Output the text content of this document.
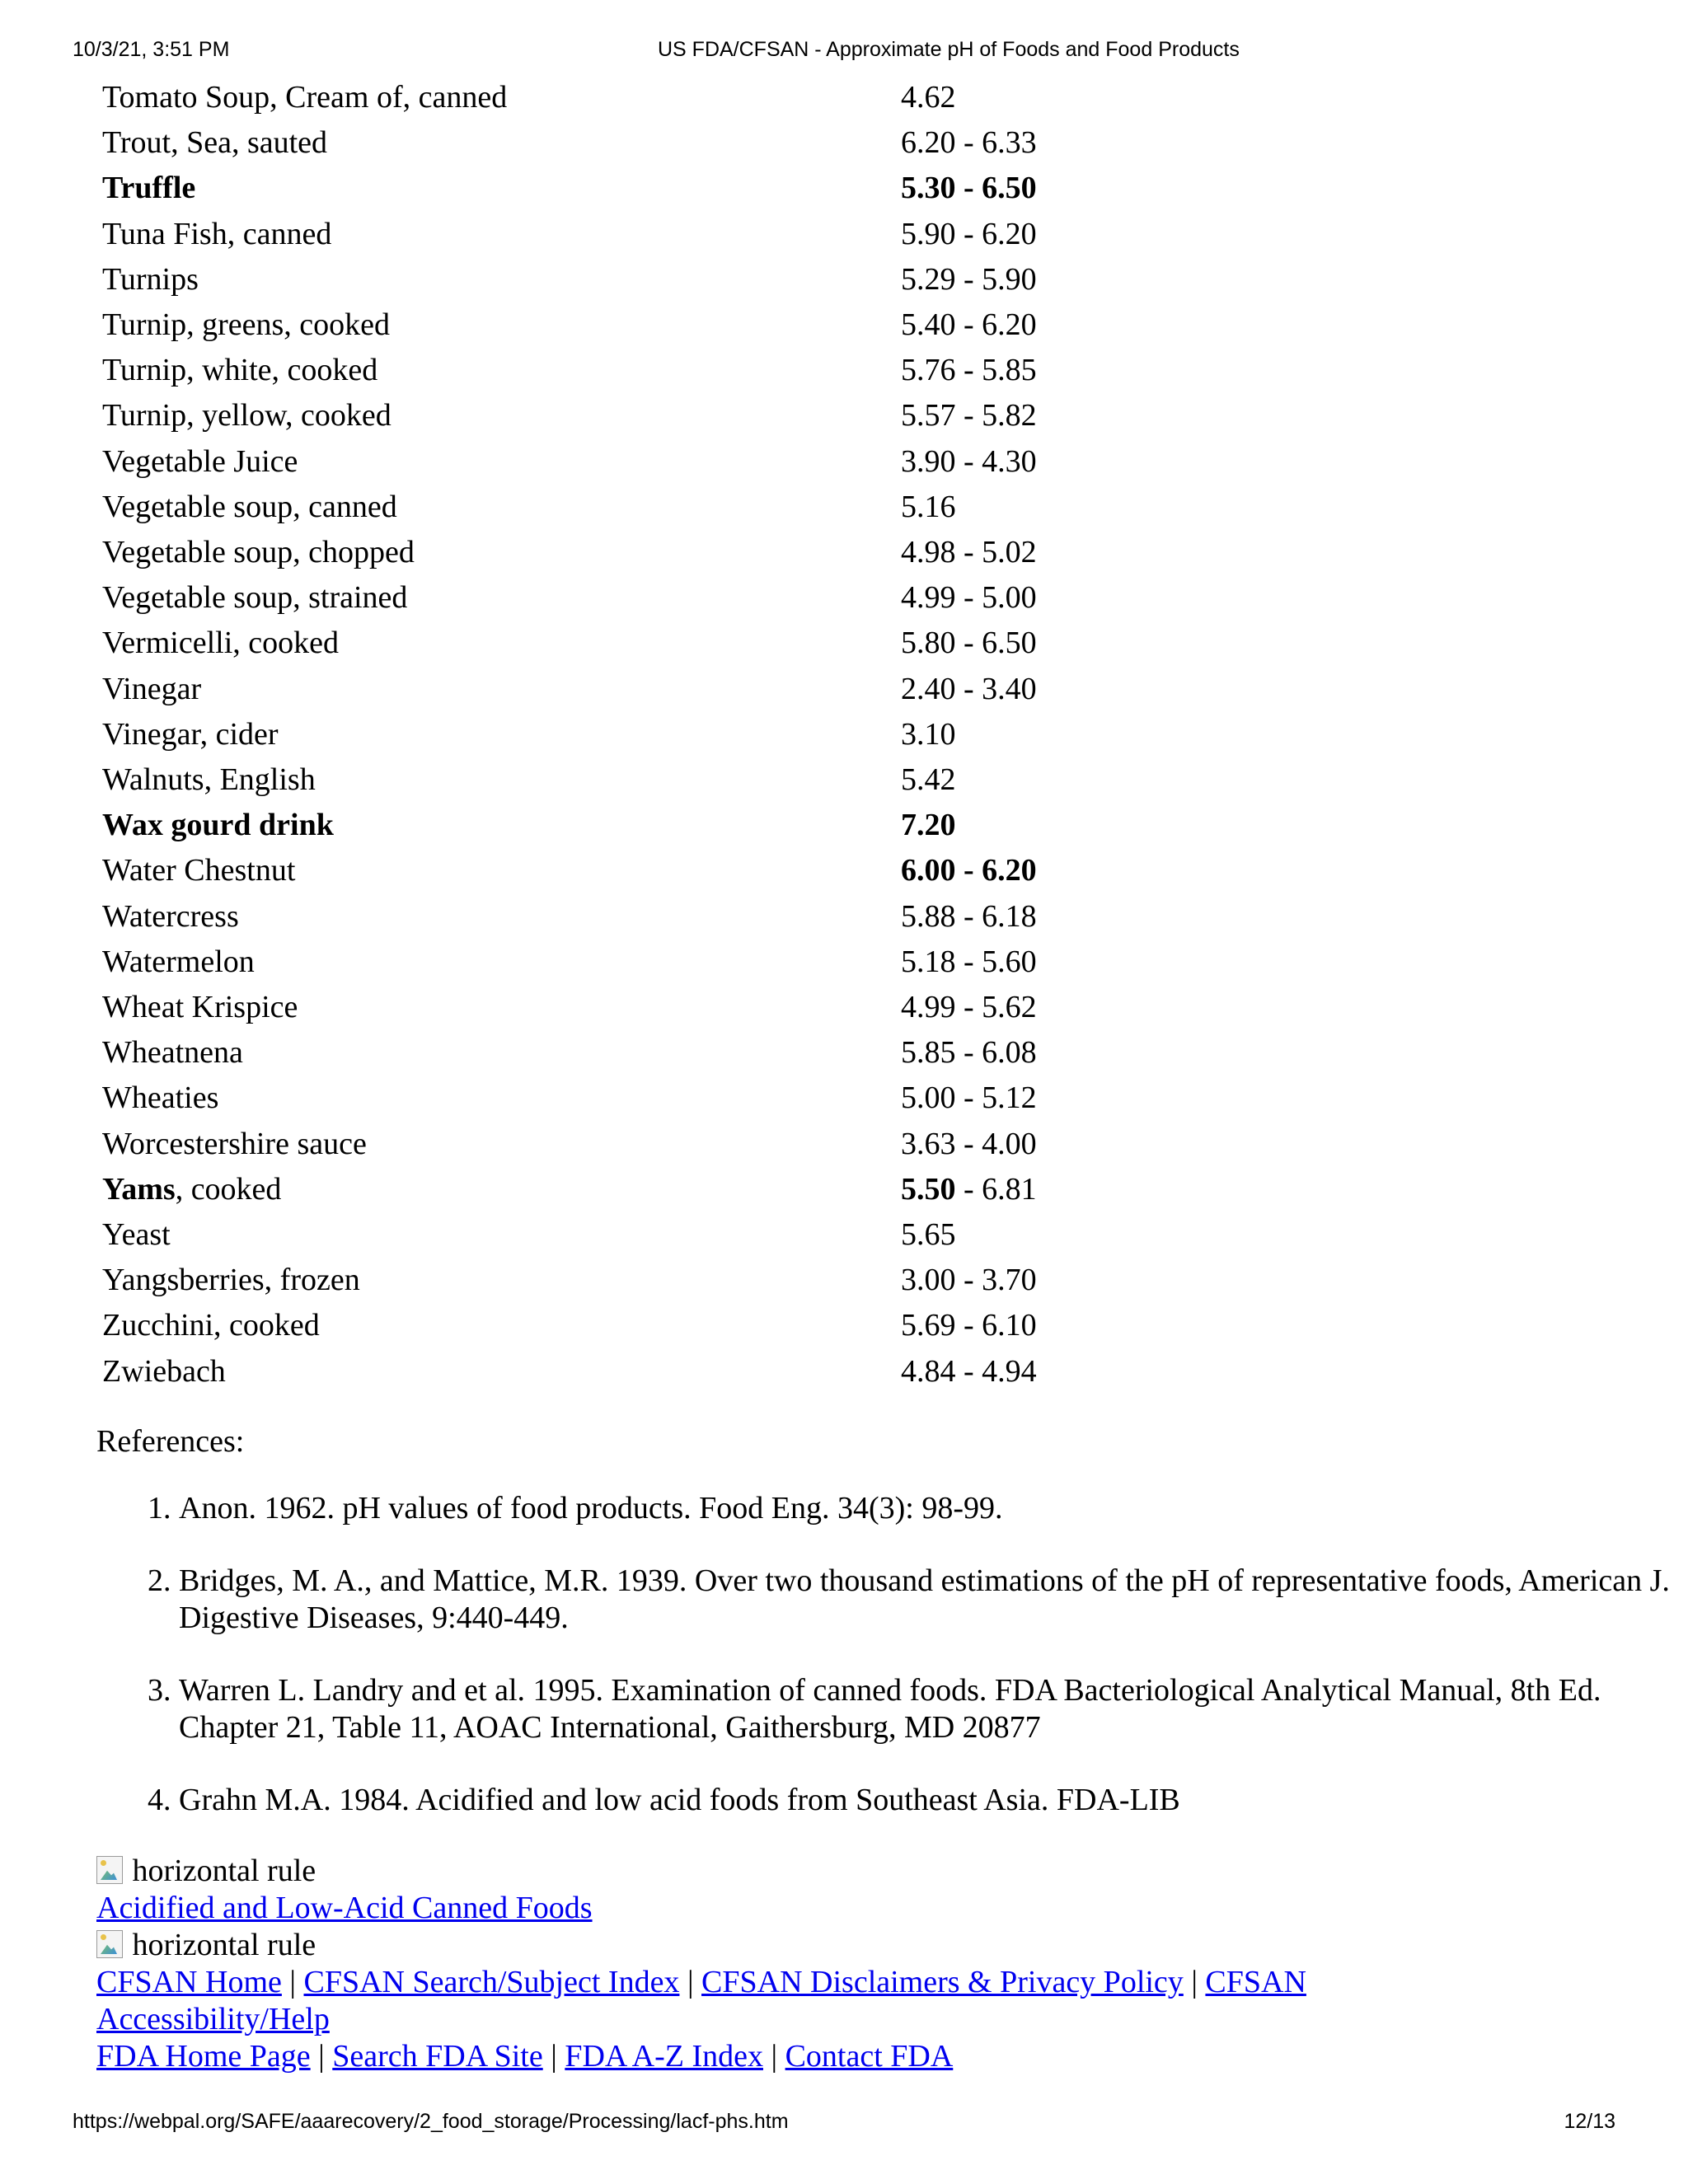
10/3/21, 3:51 PM	US FDA/CFSAN - Approximate pH of Foods and Food Products
Tomato Soup, Cream of, canned	4.62
Trout, Sea, sauted	6.20 - 6.33
Truffle	5.30 - 6.50
Tuna Fish, canned	5.90 - 6.20
Turnips	5.29 - 5.90
Turnip, greens, cooked	5.40 - 6.20
Turnip, white, cooked	5.76 - 5.85
Turnip, yellow, cooked	5.57 - 5.82
Vegetable Juice	3.90 - 4.30
Vegetable soup, canned	5.16
Vegetable soup, chopped	4.98 - 5.02
Vegetable soup, strained	4.99 - 5.00
Vermicelli, cooked	5.80 - 6.50
Vinegar	2.40 - 3.40
Vinegar, cider	3.10
Walnuts, English	5.42
Wax gourd drink	7.20
Water Chestnut	6.00 - 6.20
Watercress	5.88 - 6.18
Watermelon	5.18 - 5.60
Wheat Krispice	4.99 - 5.62
Wheatnena	5.85 - 6.08
Wheaties	5.00 - 5.12
Worcestershire sauce	3.63 - 4.00
Yams, cooked	5.50 - 6.81
Yeast	5.65
Yangsberries, frozen	3.00 - 3.70
Zucchini, cooked	5.69 - 6.10
Zwiebach	4.84 - 4.94
References:
1. Anon. 1962. pH values of food products. Food Eng. 34(3): 98-99.
2. Bridges, M. A., and Mattice, M.R. 1939. Over two thousand estimations of the pH of representative foods, American J. Digestive Diseases, 9:440-449.
3. Warren L. Landry and et al. 1995. Examination of canned foods. FDA Bacteriological Analytical Manual, 8th Ed. Chapter 21, Table 11, AOAC International, Gaithersburg, MD 20877
4. Grahn M.A. 1984. Acidified and low acid foods from Southeast Asia. FDA-LIB
horizontal rule
Acidified and Low-Acid Canned Foods
horizontal rule
CFSAN Home | CFSAN Search/Subject Index | CFSAN Disclaimers & Privacy Policy | CFSAN Accessibility/Help
FDA Home Page | Search FDA Site | FDA A-Z Index | Contact FDA
https://webpal.org/SAFE/aaarecovery/2_food_storage/Processing/lacf-phs.htm	12/13
